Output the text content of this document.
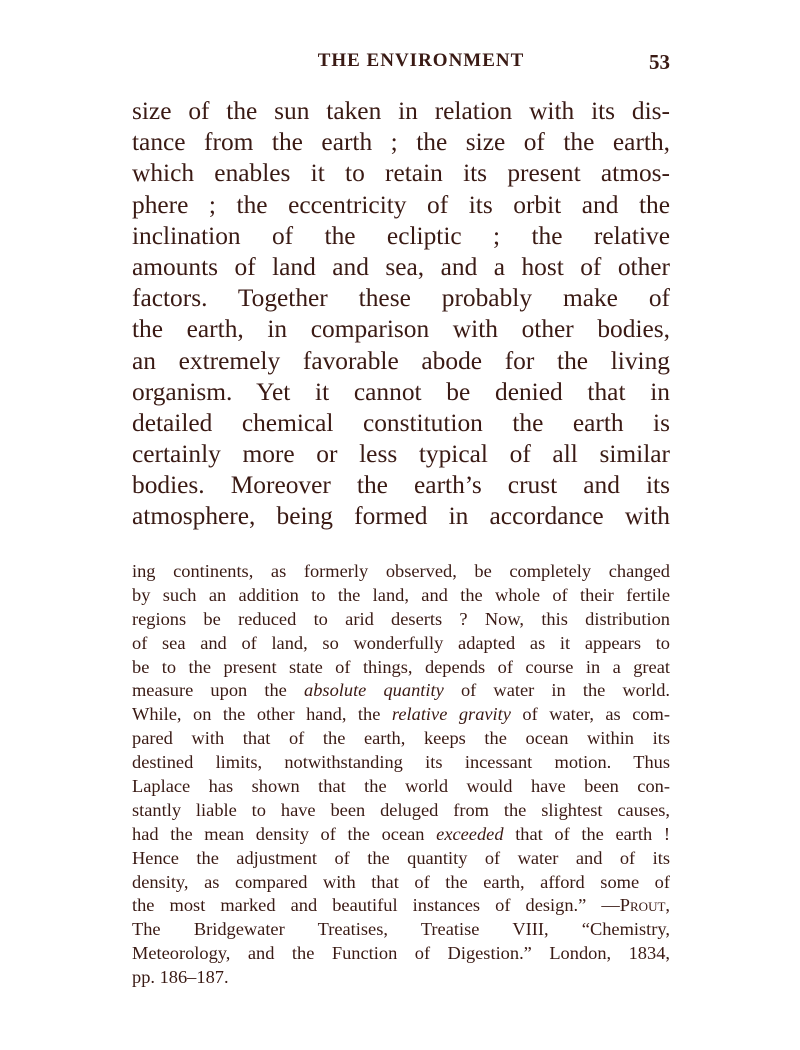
THE ENVIRONMENT	53
size of the sun taken in relation with its dis-
tance from the earth ; the size of the earth,
which enables it to retain its present atmos-
phere ; the eccentricity of its orbit and the
inclination of the ecliptic ; the relative
amounts of land and sea, and a host of other
factors. Together these probably make of
the earth, in comparison with other bodies,
an extremely favorable abode for the living
organism. Yet it cannot be denied that in
detailed chemical constitution the earth is
certainly more or less typical of all similar
bodies. Moreover the earth’s crust and its
atmosphere, being formed in accordance with
ing continents, as formerly observed, be completely changed
by such an addition to the land, and the whole of their fertile
regions be reduced to arid deserts ? Now, this distribution
of sea and of land, so wonderfully adapted as it appears to
be to the present state of things, depends of course in a great
measure upon the absolute quantity of water in the world.
While, on the other hand, the relative gravity of water, as com-
pared with that of the earth, keeps the ocean within its
destined limits, notwithstanding its incessant motion. Thus
Laplace has shown that the world would have been con-
stantly liable to have been deluged from the slightest causes,
had the mean density of the ocean exceeded that of the earth !
Hence the adjustment of the quantity of water and of its
density, as compared with that of the earth, afford some of
the most marked and beautiful instances of design.” —Prout,
The Bridgewater Treatises, Treatise VIII, “Chemistry,
Meteorology, and the Function of Digestion.” London, 1834,
pp. 186–187.
